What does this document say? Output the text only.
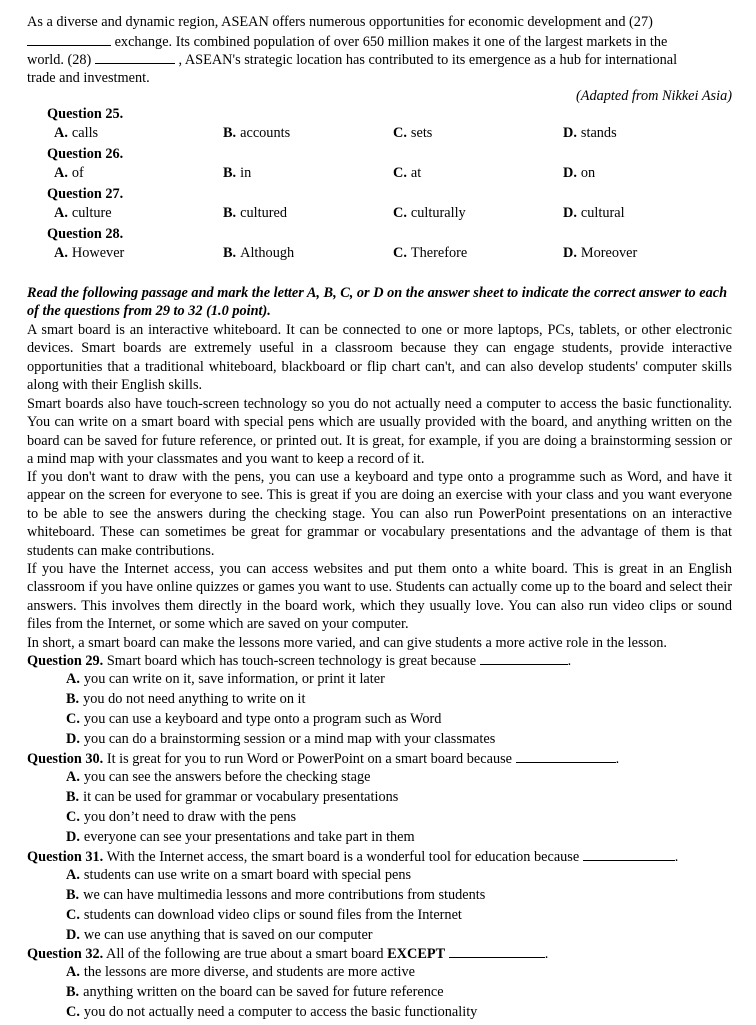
As a diverse and dynamic region, ASEAN offers numerous opportunities for economic development and (27)
exchange. Its combined population of over 650 million makes it one of the largest markets in the
world. (28)	, ASEAN's strategic location has contributed to its emergence as a hub for international
trade and investment.
(Adapted from Nikkei Asia)
Question 25.
A. calls	B. accounts	C. sets	D. stands
Question 26.
A. of	B. in	C. at	D. on
Question 27.
A. culture	B. cultured	C. culturally	D. cultural
Question 28.
A. However	B. Although	C. Therefore	D. Moreover

Read the following passage and mark the letter A, B, C, or D on the answer sheet to indicate the correct answer to each of the questions from 29 to 32 (1.0 point).

A smart board is an interactive whiteboard. It can be connected to one or more laptops, PCs, tablets, or other electronic devices. Smart boards are extremely useful in a classroom because they can engage students, provide interactive opportunities that a traditional whiteboard, blackboard or flip chart can't, and can also develop students' computer skills along with their English skills.

Smart boards also have touch-screen technology so you do not actually need a computer to access the basic functionality. You can write on a smart board with special pens which are usually provided with the board, and anything written on the board can be saved for future reference, or printed out. It is great, for example, if you are doing a brainstorming session or a mind map with your classmates and you want to keep a record of it.

If you don't want to draw with the pens, you can use a keyboard and type onto a programme such as Word, and have it appear on the screen for everyone to see. This is great if you are doing an exercise with your class and you want everyone to be able to see the answers during the checking stage. You can also run PowerPoint presentations on an interactive whiteboard. These can sometimes be great for grammar or vocabulary presentations and the advantage of them is that students can make contributions.

If you have the Internet access, you can access websites and put them onto a white board. This is great in an English classroom if you have online quizzes or games you want to use. Students can actually come up to the board and select their answers. This involves them directly in the board work, which they usually love. You can also run video clips or sound files from the Internet, or some which are saved on your computer.

In short, a smart board can make the lessons more varied, and can give students a more active role in the lesson.

Question 29. Smart board which has touch-screen technology is great because	.
A. you can write on it, save information, or print it later
B. you do not need anything to write on it
C. you can use a keyboard and type onto a program such as Word
D. you can do a brainstorming session or a mind map with your classmates
Question 30. It is great for you to run Word or PowerPoint on a smart board because	.
A. you can see the answers before the checking stage
B. it can be used for grammar or vocabulary presentations
C. you don’t need to draw with the pens
D. everyone can see your presentations and take part in them
Question 31. With the Internet access, the smart board is a wonderful tool for education because	.
A. students can use write on a smart board with special pens
B. we can have multimedia lessons and more contributions from students
C. students can download video clips or sound files from the Internet
D. we can use anything that is saved on our computer
Question 32. All of the following are true about a smart board EXCEPT	.
A. the lessons are more diverse, and students are more active
B. anything written on the board can be saved for future reference
C. you do not actually need a computer to access the basic functionality
